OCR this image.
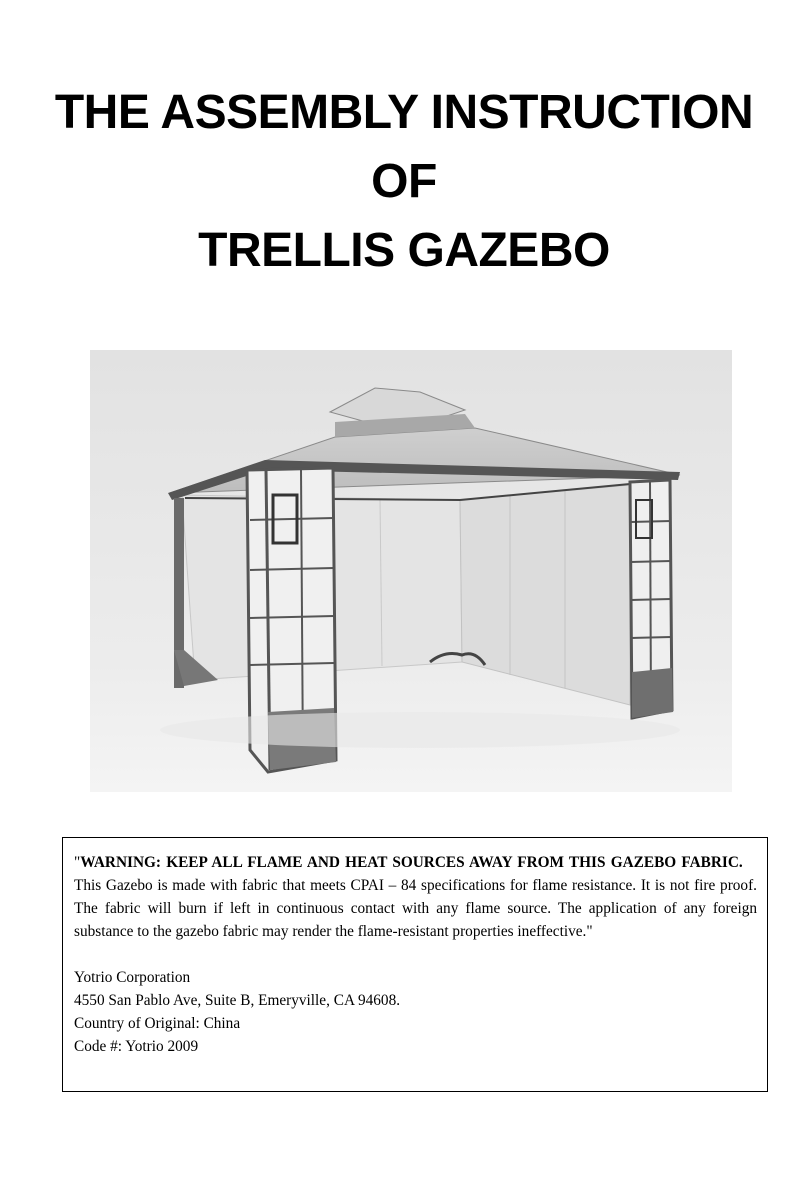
THE ASSEMBLY INSTRUCTION
OF
TRELLIS GAZEBO

"WARNING: KEEP ALL FLAME AND HEAT SOURCES AWAY FROM THIS GAZEBO FABRIC.    This Gazebo is made with fabric that meets CPAI – 84 specifications for flame resistance. It is not fire proof. The fabric will burn if left in continuous contact with any flame source. The application of any foreign substance to the gazebo fabric may render the flame-resistant properties ineffective."

Yotrio Corporation
4550 San Pablo Ave, Suite B, Emeryville, CA 94608.
Country of Original: China
Code #: Yotrio 2009
